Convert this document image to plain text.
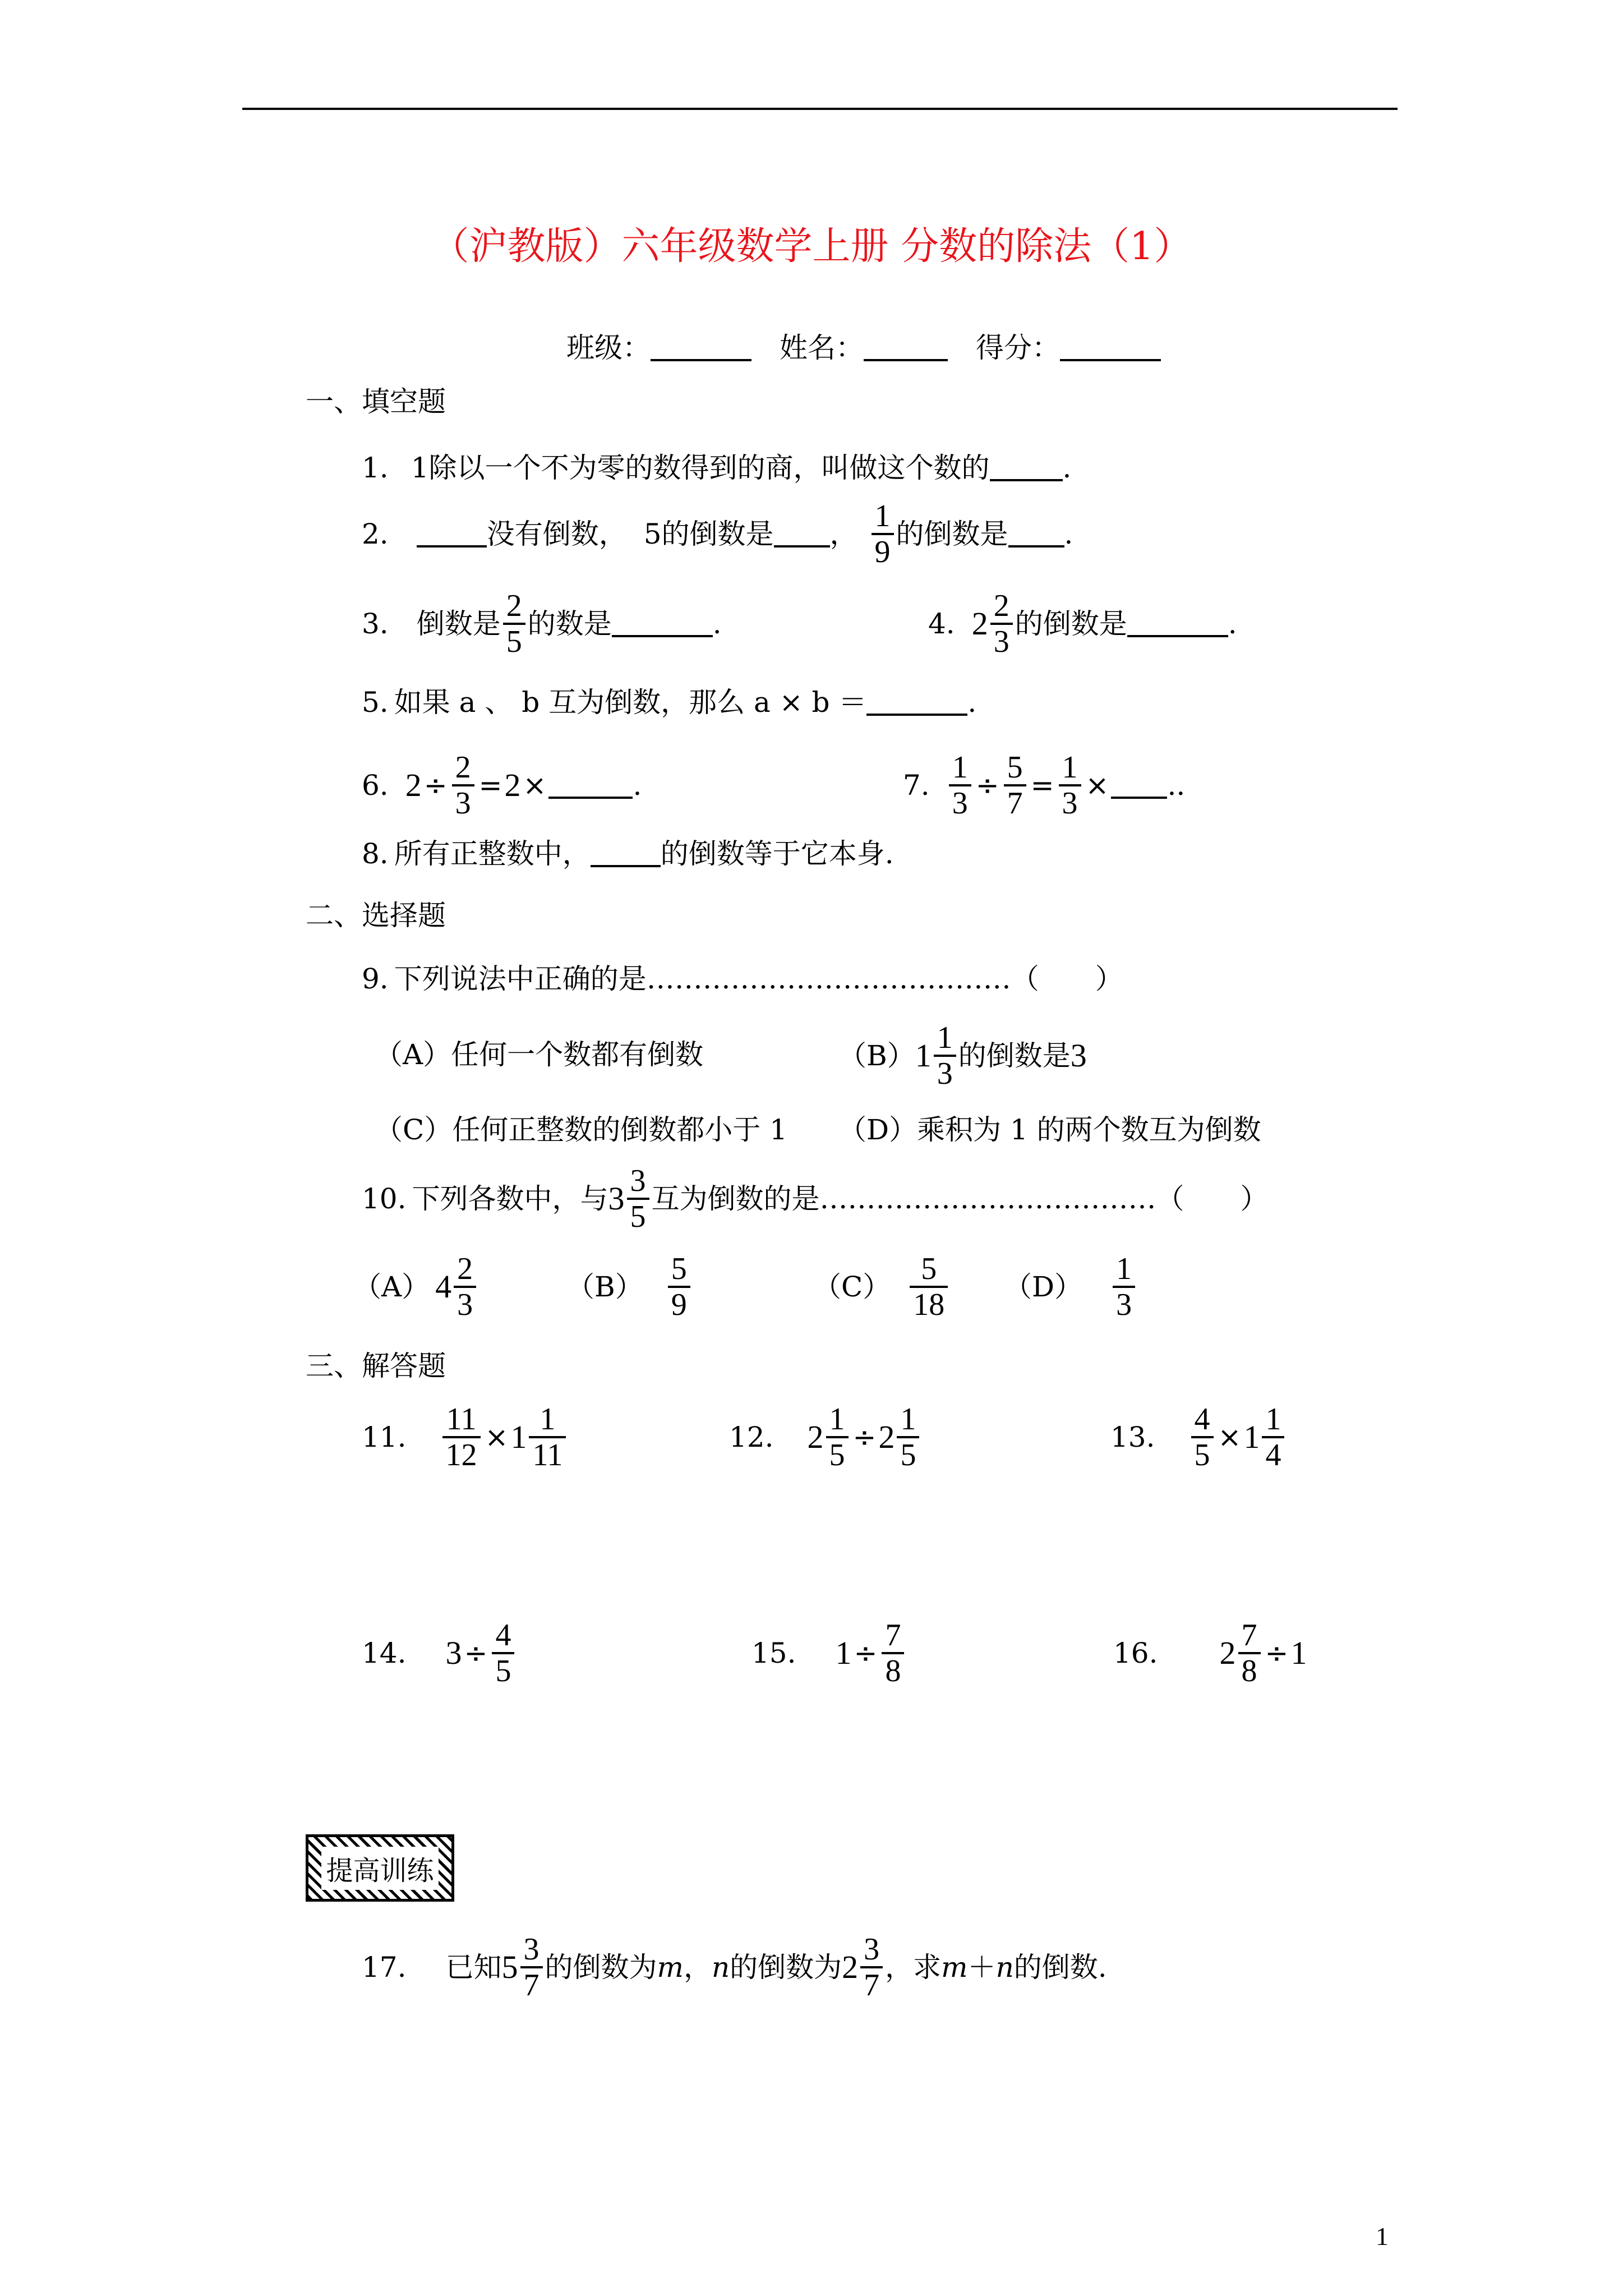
（沪教版）六年级数学上册 分数的除法（1）
班级：	姓名：	得分：
一、填空题
1. 1除以一个不为零的数得到的商，叫做这个数的	.
2.	没有倒数， 5的倒数是 ， $\frac{1}{9}$ 的倒数是 .
3. 倒数是 $\frac{2}{5}$ 的数是	.	4. $2 \frac{2}{3}$ 的倒数是	.
5. 如果 a 、 b 互为倒数，那么 a × b ＝	.
6. $2 \div \frac{2}{3} = 2$ ×	.	7. $\frac{1}{3} \div \frac{5}{7} = \frac{1}{3}$ × ..
8. 所有正整数中，	的倒数等于它本身 .
二、选择题
9. 下列说法中正确的是…………………………………（　　）
（A）任何一个数都有倒数	（B） $1 \frac{1}{3}$ 的倒数是 3
（C）任何正整数的倒数都小于 1 （D）乘积为 1 的两个数互为倒数
10. 下列各数中，与 $3 \frac{3}{5}$ 互为倒数的是………………………………（　　）
（A） $4 \frac{2}{3}$	$(B) \frac{5}{9}$	$(C) \frac{5}{18} (D) \frac{1}{3}$
三、解答题
11. $\frac{11}{12} \times 1 \frac{1}{11}$	12. $2 \frac{1}{5} \div 2 \frac{1}{5}$	13. $\frac{4}{5} \times 1 \frac{1}{4}$
14. $3 \div \frac{4}{5}$	15. $1 \div \frac{7}{8}$	16. $2 \frac{7}{8} \div 1$
提高训练
17. 已知 $5 \frac{3}{7}$ 的倒数为 m ， n 的倒数为 $2 \frac{3}{7}$ ，求 m ＋ n 的倒数.
1
